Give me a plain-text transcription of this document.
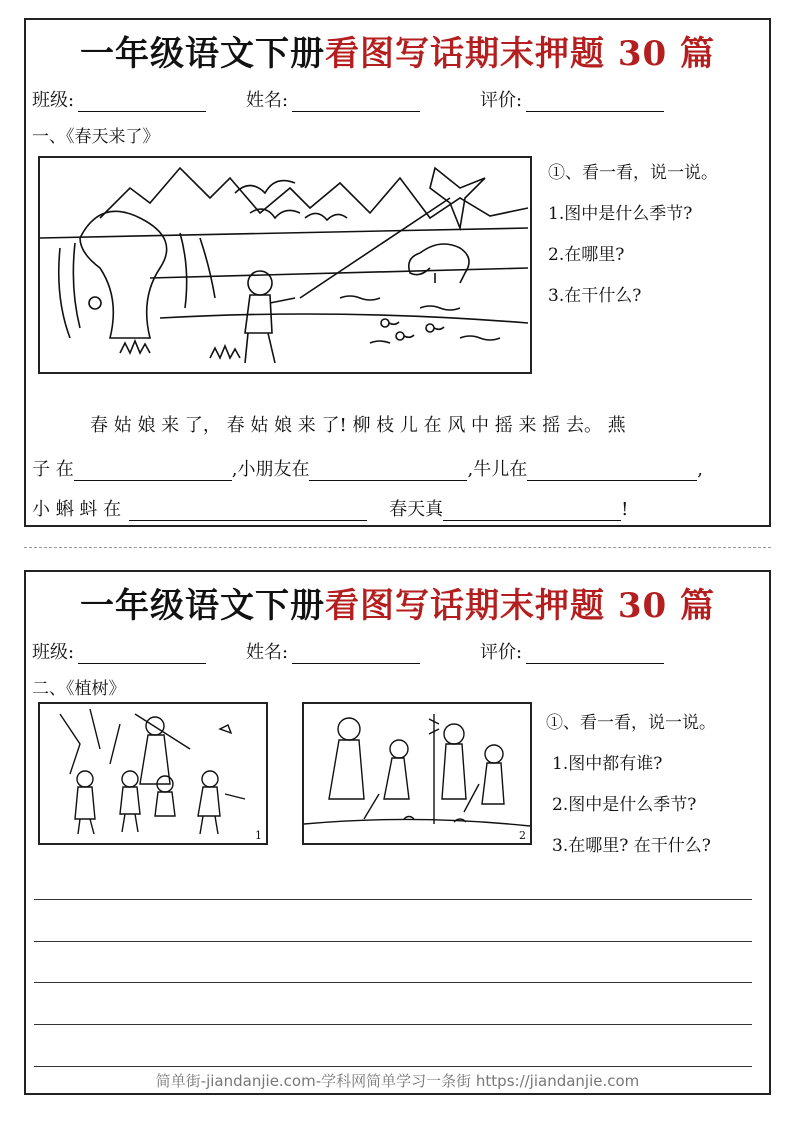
一年级语文下册看图写话期末押题 30 篇
班级:	姓名:	评价:
一、《春天来了》
①、看一看，说一说。
1.图中是什么季节?
2.在哪里?
3.在干什么?
春 姑 娘 来 了， 春 姑 娘 来 了! 柳 枝 儿 在 风 中 摇 来 摇 去。 燕
子 在	,小朋友在	,牛儿在	,
小 蝌 蚪 在	春天真	!
一年级语文下册看图写话期末押题 30 篇
班级:	姓名:	评价:
二、《植树》
1	2
①、看一看，说一说。
1.图中都有谁?
2.图中是什么季节?
3.在哪里? 在干什么?
简单街-jiandanjie.com-学科网简单学习一条街 https://jiandanjie.com
